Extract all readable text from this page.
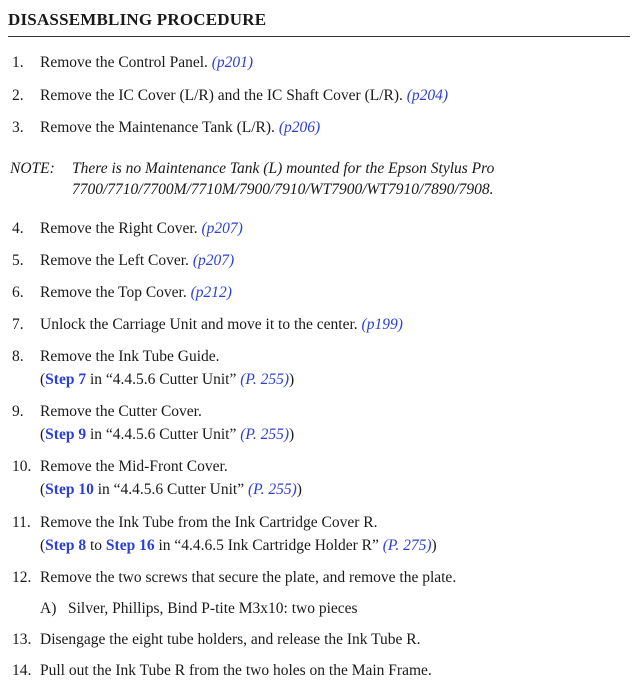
DISASSEMBLING PROCEDURE
1. Remove the Control Panel. (p201)
2. Remove the IC Cover (L/R) and the IC Shaft Cover (L/R). (p204)
3. Remove the Maintenance Tank (L/R). (p206)
NOTE: There is no Maintenance Tank (L) mounted for the Epson Stylus Pro
7700/7710/7700M/7710M/7900/7910/WT7900/WT7910/7890/7908.
4. Remove the Right Cover. (p207)
5. Remove the Left Cover. (p207)
6. Remove the Top Cover. (p212)
7. Unlock the Carriage Unit and move it to the center. (p199)
8. Remove the Ink Tube Guide.
(Step 7 in “4.4.5.6 Cutter Unit” (P. 255))
9. Remove the Cutter Cover.
(Step 9 in “4.4.5.6 Cutter Unit” (P. 255))
10. Remove the Mid-Front Cover.
(Step 10 in “4.4.5.6 Cutter Unit” (P. 255))
11. Remove the Ink Tube from the Ink Cartridge Cover R.
(Step 8 to Step 16 in “4.4.6.5 Ink Cartridge Holder R” (P. 275))
12. Remove the two screws that secure the plate, and remove the plate.
A) Silver, Phillips, Bind P-tite M3x10: two pieces
13. Disengage the eight tube holders, and release the Ink Tube R.
14. Pull out the Ink Tube R from the two holes on the Main Frame.
